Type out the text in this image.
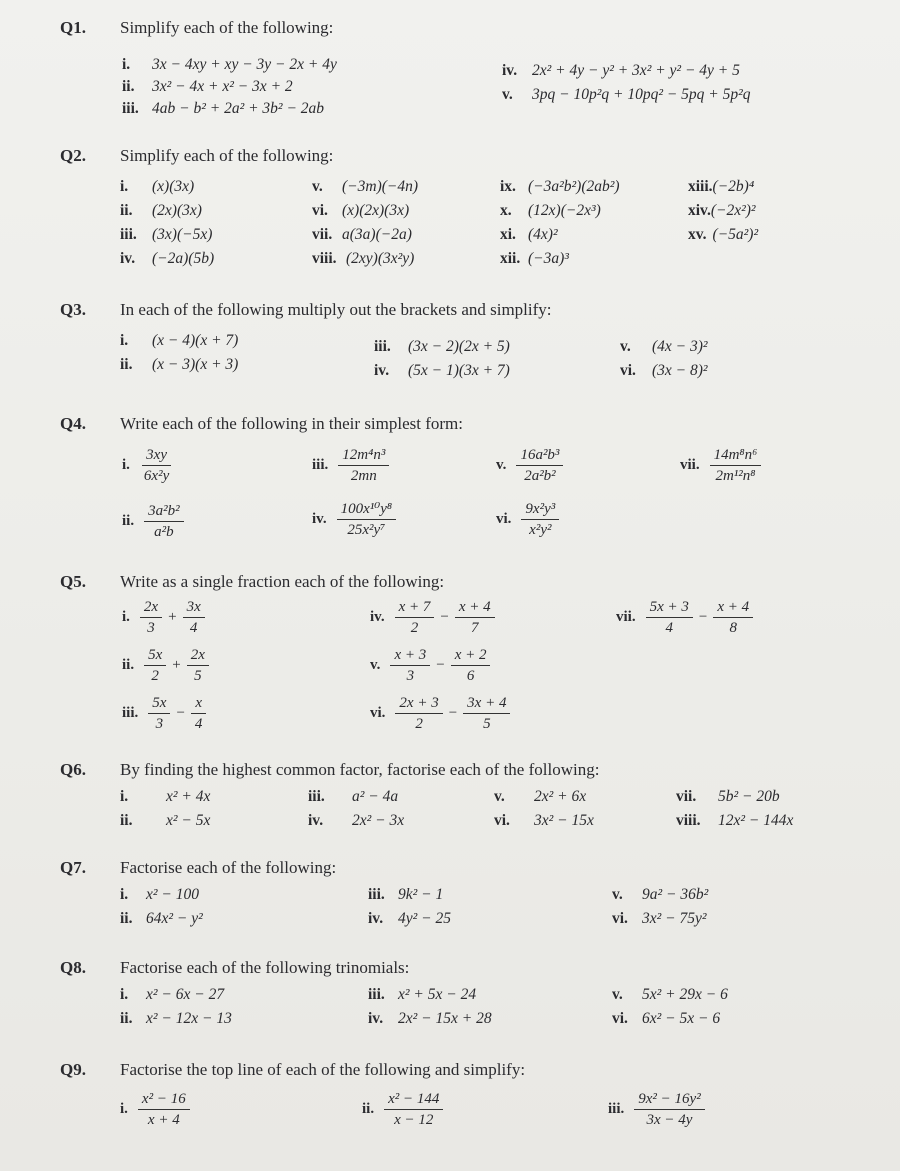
Q1. Simplify each of the following:
i. 3x − 4xy + xy − 3y − 2x + 4y
ii. 3x² − 4x + x² − 3x + 2
iii. 4ab − b² + 2a² + 3b² − 2ab
iv. 2x² + 4y − y² + 3x² + y² − 4y + 5
v. 3pq − 10p²q + 10pq² − 5pq + 5p²q
Q2. Simplify each of the following:
i. (x)(3x)
ii. (2x)(3x)
iii. (3x)(−5x)
iv. (−2a)(5b)
v. (−3m)(−4n)
vi. (x)(2x)(3x)
vii. a(3a)(−2a)
viii. (2xy)(3x²y)
ix. (−3a²b²)(2ab²)
x. (12x)(−2x³)
xi. (4x)²
xii. (−3a)³
xiii.(−2b)⁴
xiv.(−2x²)²
xv. (−5a²)²
Q3. In each of the following multiply out the brackets and simplify:
i. (x − 4)(x + 7)
ii. (x − 3)(x + 3)
iii. (3x − 2)(2x + 5)
iv. (5x − 1)(3x + 7)
v. (4x − 3)²
vi. (3x − 8)²
Q4. Write each of the following in their simplest form:
i. $\frac{3xy}{\text{6x²y}}$
ii. $\frac{\text{3a²b²}}{\text{a²b}}$
iii. $\frac{\text{12m⁴n³}}{2mn}$
iv. $\frac{\text{100x¹⁰y⁸}}{\text{25x²y⁷}}$
v. $\frac{\text{16a²b³}}{\text{2a²b²}}$
vi. $\frac{\text{9x²y³}}{\text{x²y²}}$
vii. $\frac{\text{14m⁸n⁶}}{\text{2m¹²n⁸}}$
Q5. Write as a single fraction each of the following:
i. $\frac{2x}{3} + \frac{3x}{4}$
ii. $\frac{5x}{2} + \frac{2x}{5}$
iii. $\frac{5x}{3} - \frac{x}{4}$
iv. $\frac{x + 7}{2} - \frac{x + 4}{7}$
v. $\frac{x + 3}{3} - \frac{x + 2}{6}$
vi. $\frac{2x + 3}{2} - \frac{3x + 4}{5}$
vii. $\frac{5x + 3}{4} - \frac{x + 4}{8}$
Q6. By finding the highest common factor, factorise each of the following:
i. x² + 4x
ii. x² − 5x
iii. a² − 4a
iv. 2x² − 3x
v. 2x² + 6x
vi. 3x² − 15x
vii. 5b² − 20b
viii. 12x² − 144x
Q7. Factorise each of the following:
i. x² − 100
ii. 64x² − y²
iii. 9k² − 1
iv. 4y² − 25
v. 9a² − 36b²
vi. 3x² − 75y²
Q8. Factorise each of the following trinomials:
i. x² − 6x − 27
ii. x² − 12x − 13
iii. x² + 5x − 24
iv. 2x² − 15x + 28
v. 5x² + 29x − 6
vi. 6x² − 5x − 6
Q9. Factorise the top line of each of the following and simplify:
i. $\frac{\text{x² − 16}}{x + 4}$	ii. $\frac{\text{x² − 144}}{x - 12}$	iii. $\frac{\text{9x² − 16y²}}{3x - 4y}$
